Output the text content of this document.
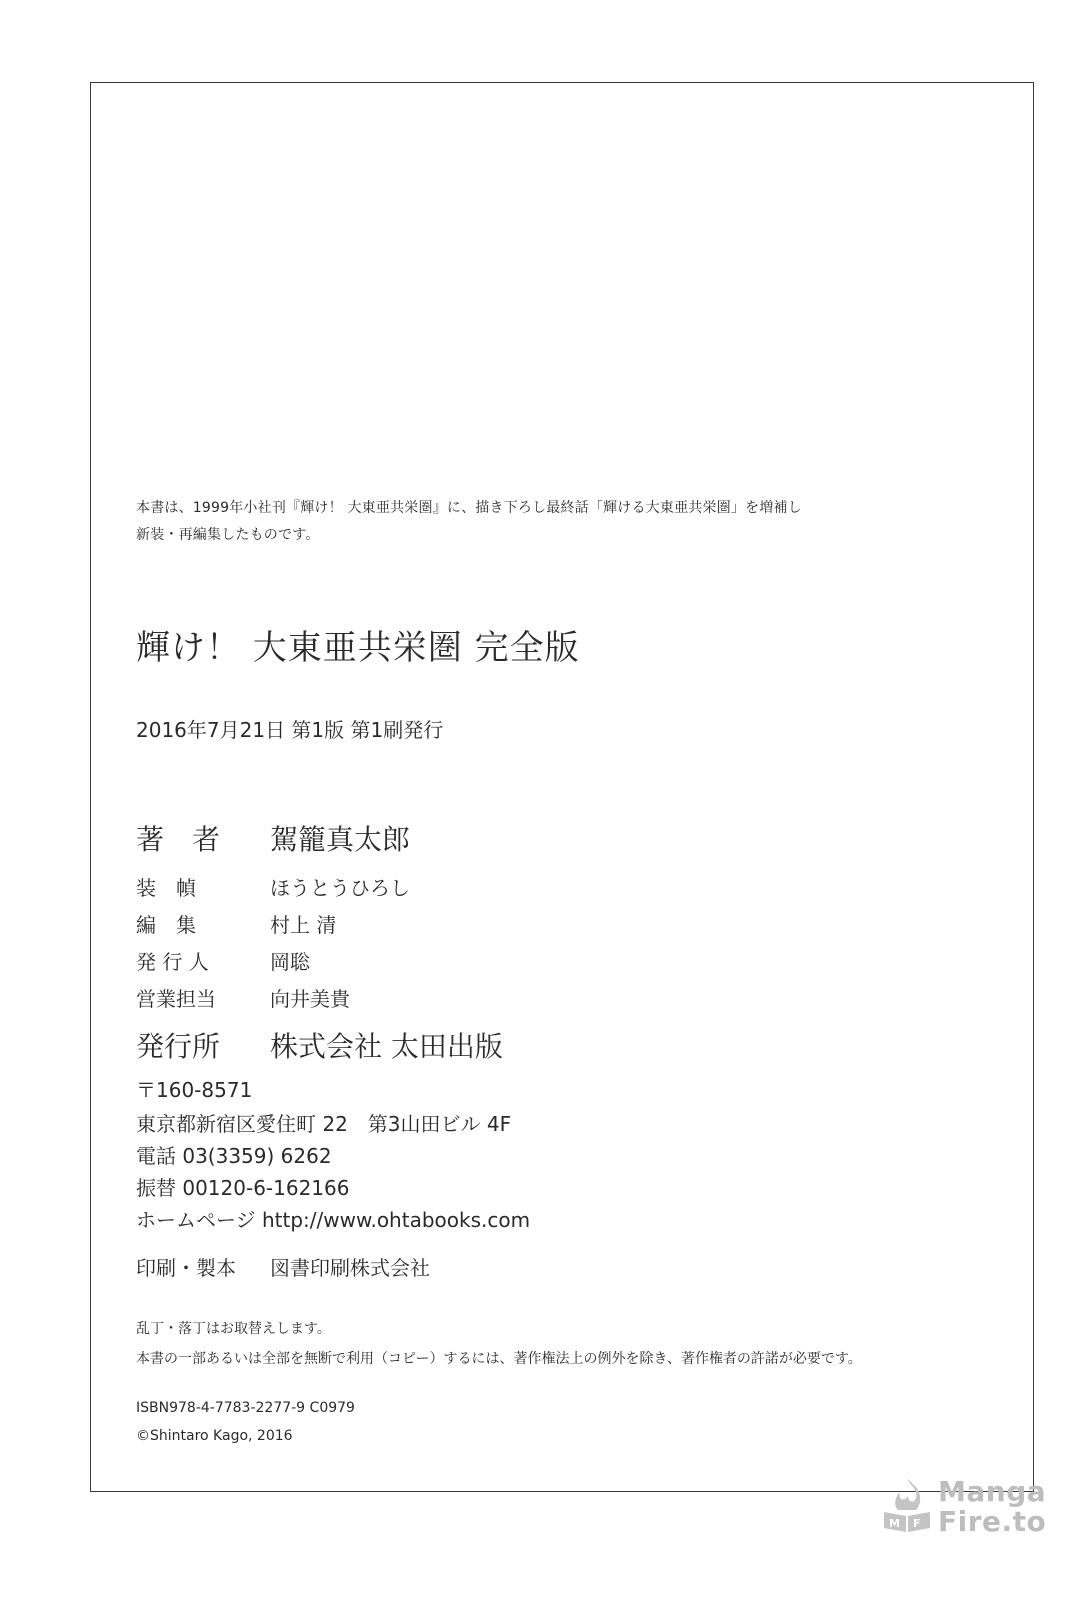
本書は、1999年小社刊『輝け！ 大東亜共栄圏』に、描き下ろし最終話「輝ける大東亜共栄圏」を増補し
新装・再編集したものです。
輝け！ 大東亜共栄圏 完全版
2016年7月21日 第1版 第1刷発行
著　者 駕籠真太郎
装　幀	ほうとうひろし
編　集	村上 清
発 行 人	岡聡
営業担当	向井美貴
発行所 株式会社 太田出版
〒160-8571
東京都新宿区愛住町 22　第3山田ビル 4F
電話 03(3359) 6262
振替 00120-6-162166
ホームページ http://www.ohtabooks.com
印刷・製本 図書印刷株式会社
乱丁・落丁はお取替えします。
本書の一部あるいは全部を無断で利用（コピー）するには、著作権法上の例外を除き、著作権者の許諾が必要です。
ISBN978-4-7783-2277-9 C0979
©Shintaro Kago, 2016
M F
Manga
Fire.to
